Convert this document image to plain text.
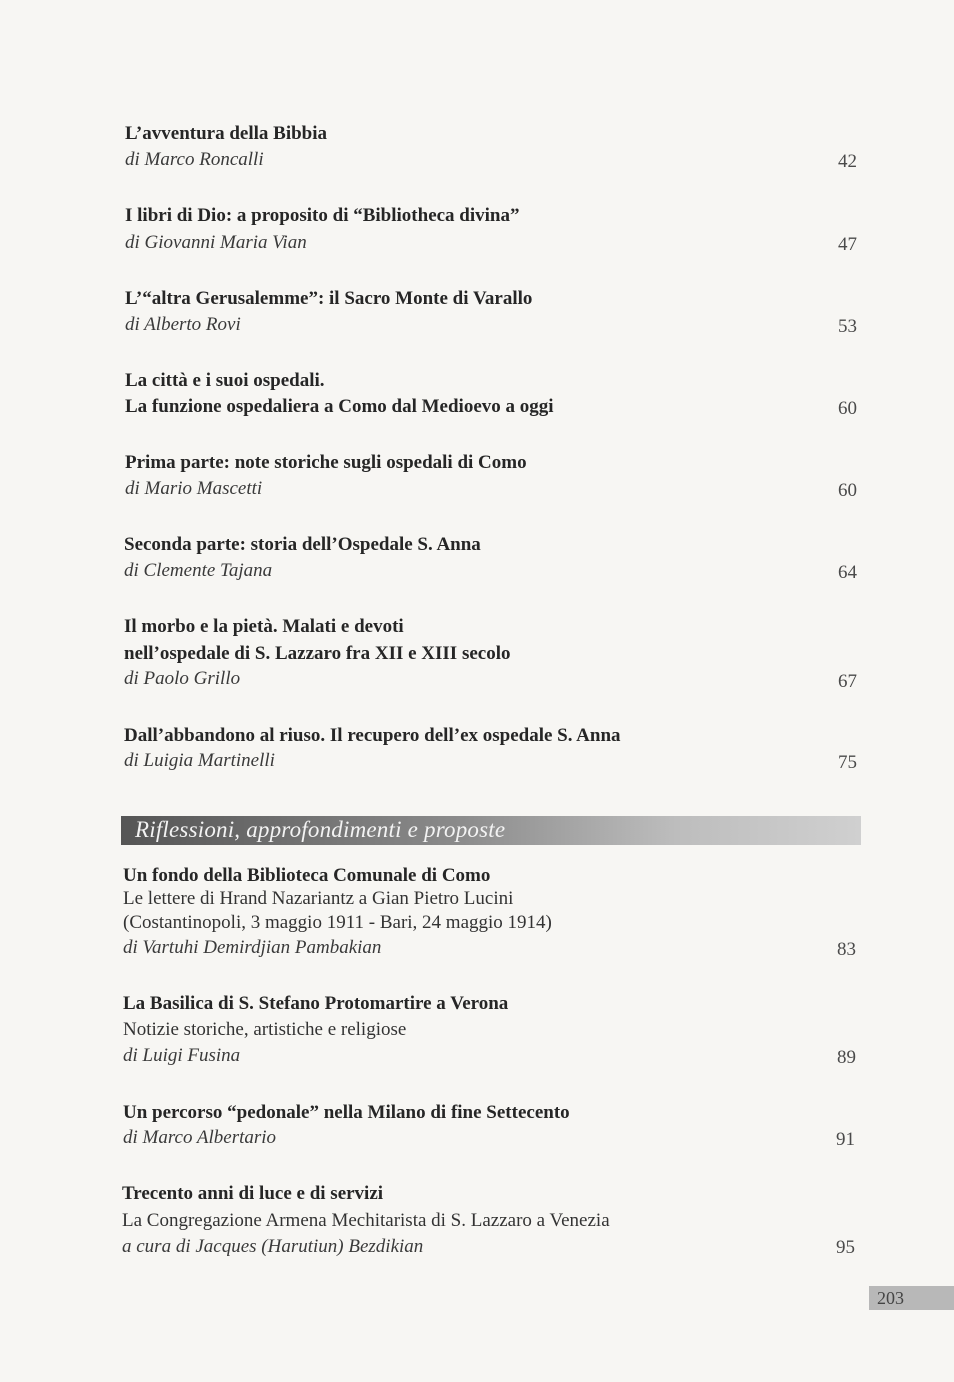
L’avventura della Bibbia
di Marco Roncalli	42
I libri di Dio: a proposito di “Bibliotheca divina”
di Giovanni Maria Vian	47
L’“altra Gerusalemme”: il Sacro Monte di Varallo
di Alberto Rovi	53
La città e i suoi ospedali.
La funzione ospedaliera a Como dal Medioevo a oggi	60
Prima parte: note storiche sugli ospedali di Como
di Mario Mascetti	60
Seconda parte: storia dell’Ospedale S. Anna
di Clemente Tajana	64
Il morbo e la pietà. Malati e devoti
nell’ospedale di S. Lazzaro fra XII e XIII secolo
di Paolo Grillo	67
Dall’abbandono al riuso. Il recupero dell’ex ospedale S. Anna
di Luigia Martinelli	75
Riflessioni, approfondimenti e proposte
Un fondo della Biblioteca Comunale di Como
Le lettere di Hrand Nazariantz a Gian Pietro Lucini
(Costantinopoli, 3 maggio 1911 - Bari, 24 maggio 1914)
di Vartuhi Demirdjian Pambakian	83
La Basilica di S. Stefano Protomartire a Verona
Notizie storiche, artistiche e religiose
di Luigi Fusina	89
Un percorso “pedonale” nella Milano di fine Settecento
di Marco Albertario	91
Trecento anni di luce e di servizi
La Congregazione Armena Mechitarista di S. Lazzaro a Venezia
a cura di Jacques (Harutiun) Bezdikian	95
203
